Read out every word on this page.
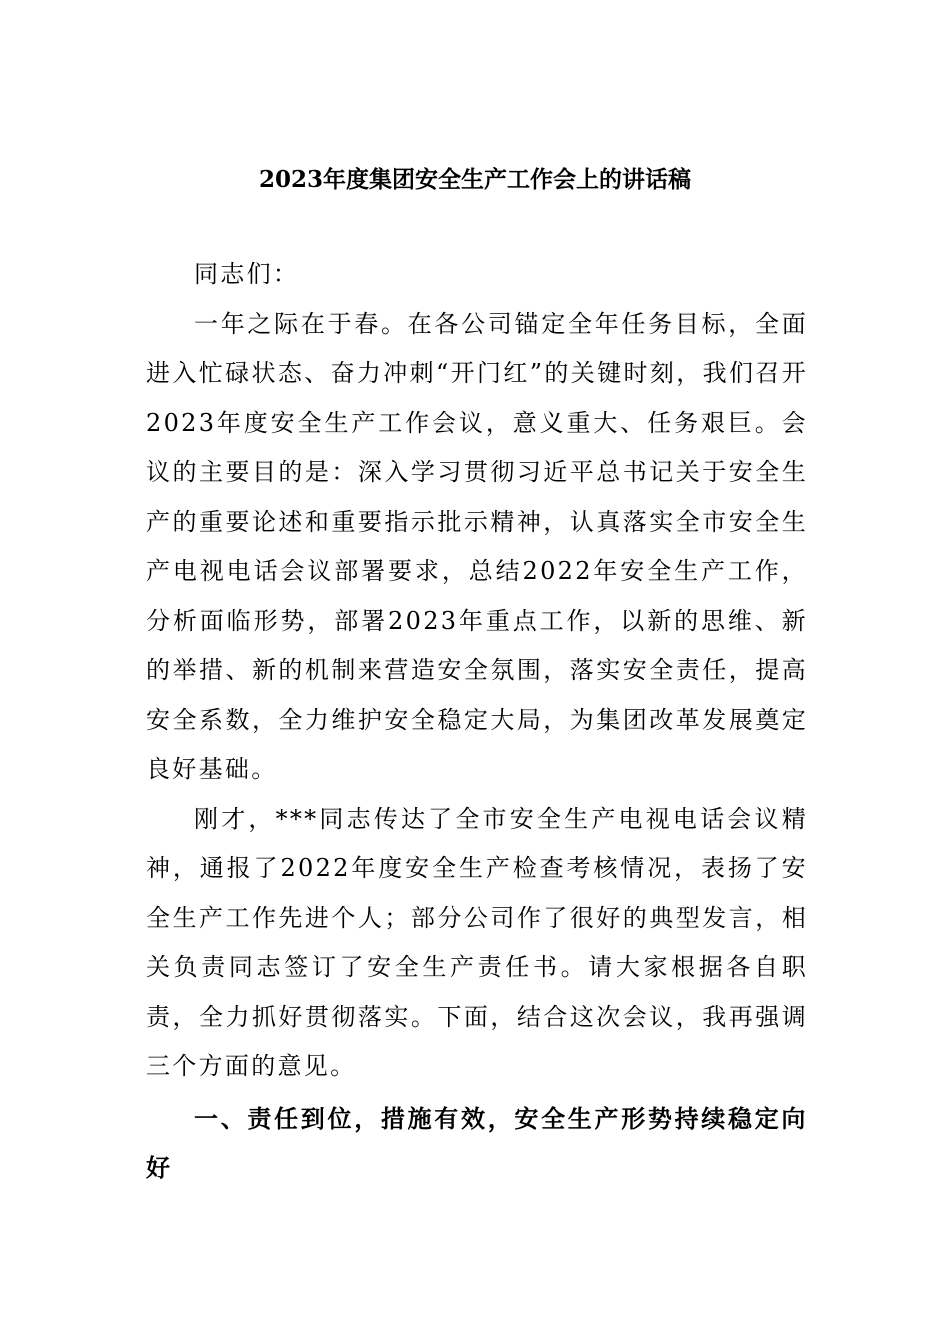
2023年度集团安全生产工作会上的讲话稿

同志们：

一年之际在于春。在各公司锚定全年任务目标，全面进入忙碌状态、奋力冲刺“开门红”的关键时刻，我们召开2023年度安全生产工作会议，意义重大、任务艰巨。会议的主要目的是：深入学习贯彻习近平总书记关于安全生产的重要论述和重要指示批示精神，认真落实全市安全生产电视电话会议部署要求，总结2022年安全生产工作，分析面临形势，部署2023年重点工作，以新的思维、新的举措、新的机制来营造安全氛围，落实安全责任，提高安全系数，全力维护安全稳定大局，为集团改革发展奠定良好基础。

刚才，***同志传达了全市安全生产电视电话会议精神，通报了2022年度安全生产检查考核情况，表扬了安全生产工作先进个人；部分公司作了很好的典型发言，相关负责同志签订了安全生产责任书。请大家根据各自职责，全力抓好贯彻落实。下面，结合这次会议，我再强调三个方面的意见。

一、责任到位，措施有效，安全生产形势持续稳定向好
